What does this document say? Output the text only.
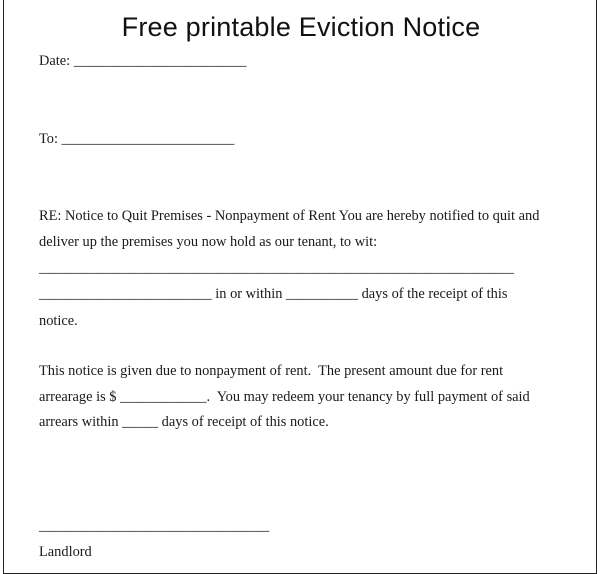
Free printable Eviction Notice
Date: ________________________
To: ________________________
RE: Notice to Quit Premises - Nonpayment of Rent You are hereby notified to quit and
deliver up the premises you now hold as our tenant, to wit:
__________________________________________________________________
________________________ in or within __________ days of the receipt of this
notice.
This notice is given due to nonpayment of rent.  The present amount due for rent
arrearage is $ ____________.  You may redeem your tenancy by full payment of said
arrears within _____ days of receipt of this notice.
________________________________
Landlord
